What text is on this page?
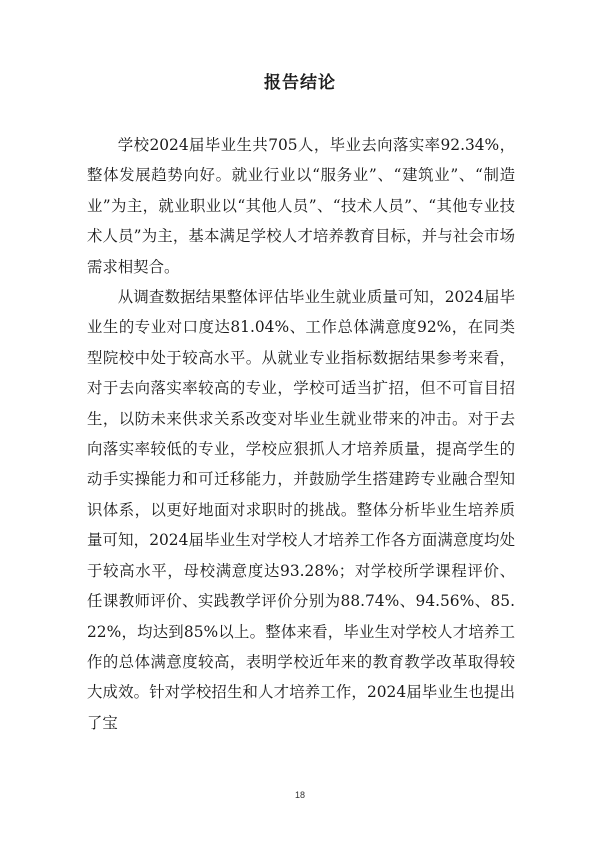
报告结论

学校2024届毕业生共705人，毕业去向落实率92.34%，整体发展趋势向好。就业行业以“服务业”、“建筑业”、“制造业”为主，就业职业以“其他人员”、“技术人员”、“其他专业技术人员”为主，基本满足学校人才培养教育目标，并与社会市场需求相契合。

从调查数据结果整体评估毕业生就业质量可知，2024届毕业生的专业对口度达81.04%、工作总体满意度92%，在同类型院校中处于较高水平。从就业专业指标数据结果参考来看，对于去向落实率较高的专业，学校可适当扩招，但不可盲目招生，以防未来供求关系改变对毕业生就业带来的冲击。对于去向落实率较低的专业，学校应狠抓人才培养质量，提高学生的动手实操能力和可迁移能力，并鼓励学生搭建跨专业融合型知识体系，以更好地面对求职时的挑战。整体分析毕业生培养质量可知，2024届毕业生对学校人才培养工作各方面满意度均处于较高水平，母校满意度达93.28%；对学校所学课程评价、任课教师评价、实践教学评价分别为88.74%、94.56%、85.22%，均达到85%以上。整体来看，毕业生对学校人才培养工作的总体满意度较高，表明学校近年来的教育教学改革取得较大成效。针对学校招生和人才培养工作，2024届毕业生也提出了宝

18
